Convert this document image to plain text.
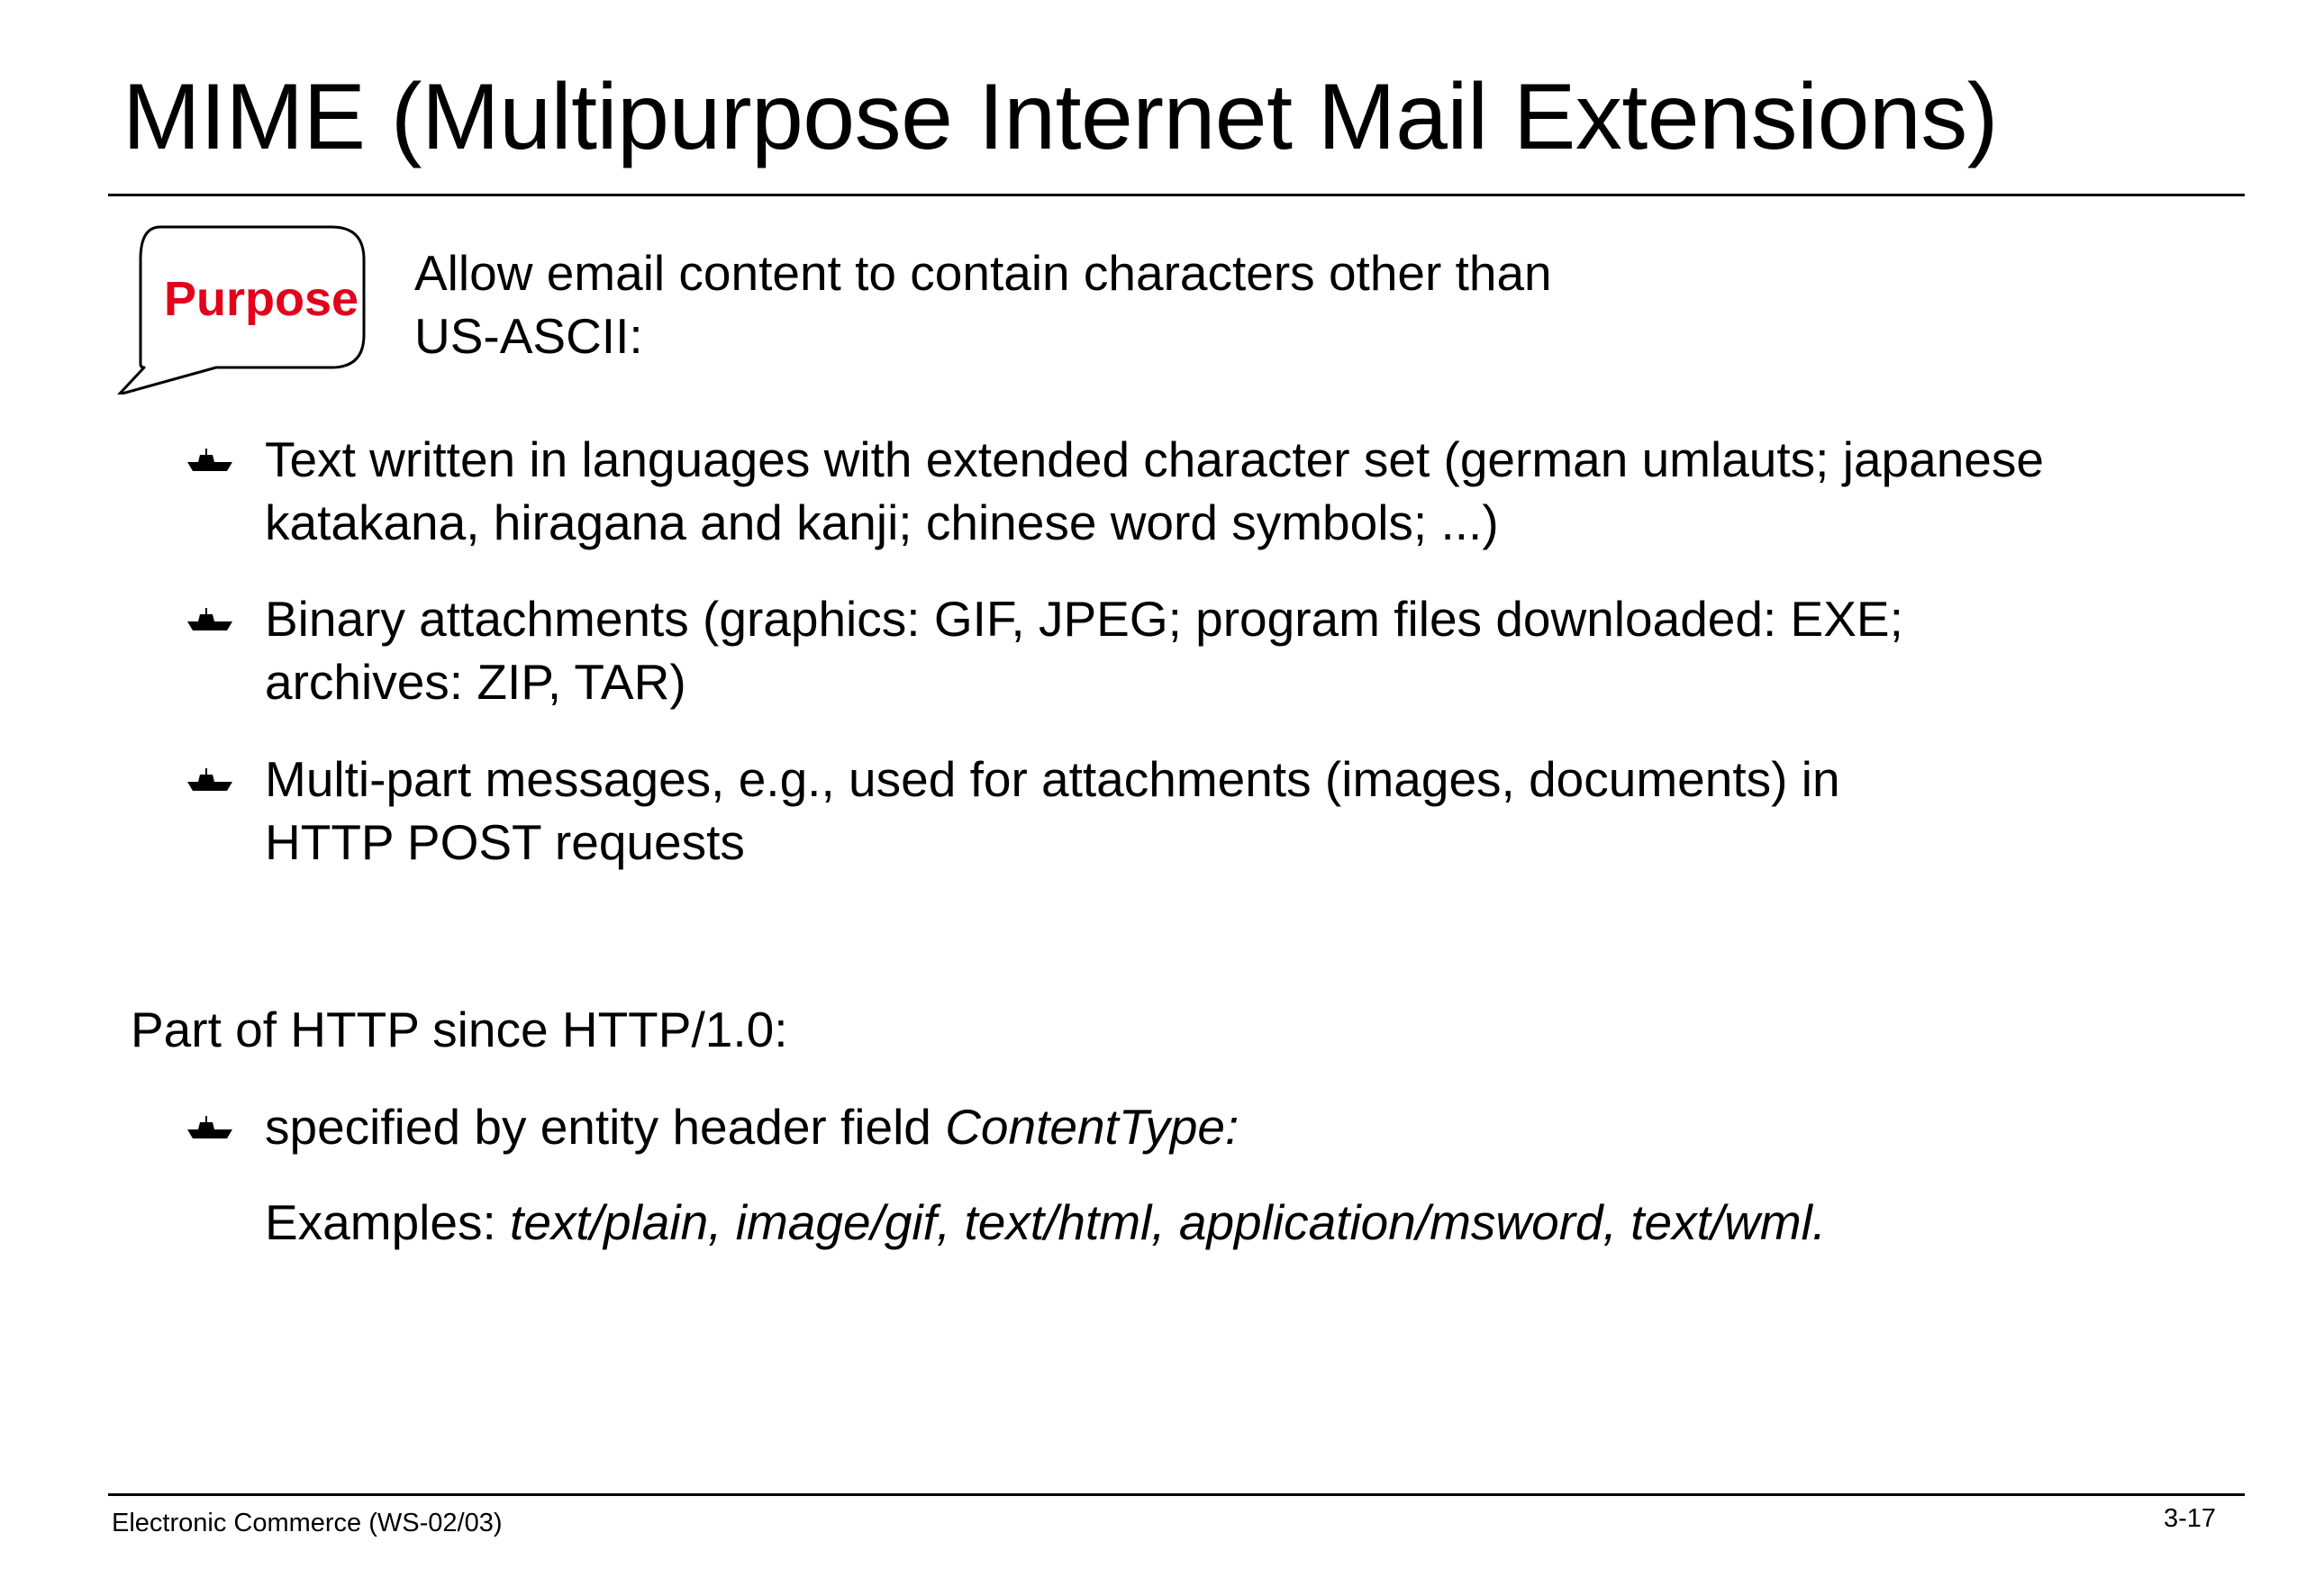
MIME (Multipurpose Internet Mail Extensions)
Purpose Allow email content to contain characters other than
US-ASCII:
Text written in languages with extended character set (german umlauts; japanese
katakana, hiragana and kanji; chinese word symbols; ...)
Binary attachments (graphics: GIF, JPEG; program files downloaded: EXE;
archives: ZIP, TAR)
Multi-part messages, e.g., used for attachments (images, documents) in
HTTP POST requests
Part of HTTP since HTTP/1.0:
specified by entity header field ContentType:
Examples: text/plain, image/gif, text/html, application/msword, text/wml.
Electronic Commerce (WS-02/03)	3-17
